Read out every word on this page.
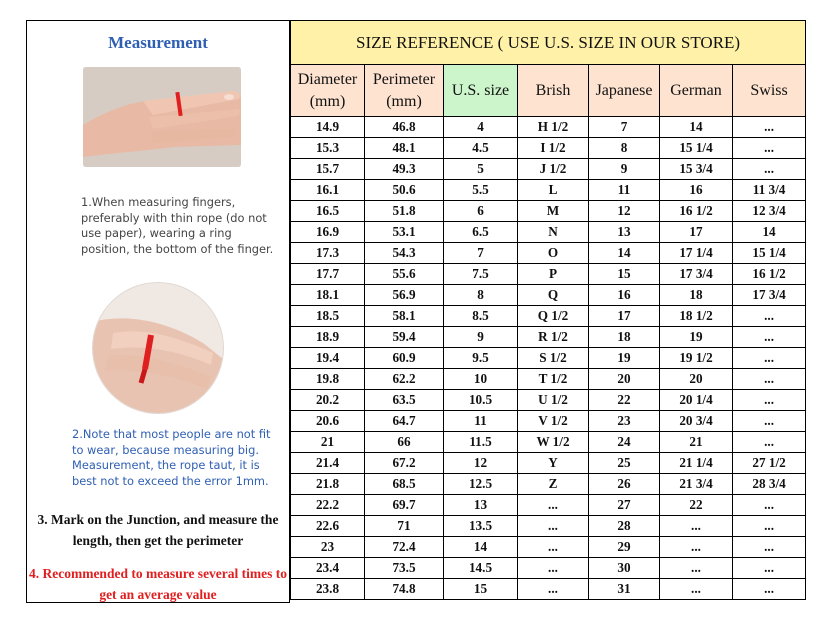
Measurement
1.When measuring fingers, preferably with thin rope (do not use paper), wearing a ring position, the bottom of the finger.
2.Note that most people are not fit to wear, because measuring big. Measurement, the rope taut, it is best not to exceed the error 1mm.
3. Mark on the Junction, and measure the length, then get the perimeter
4. Recommended to measure several times to get an average value
SIZE REFERENCE ( USE U.S. SIZE IN OUR STORE)						
Diameter
(mm)	Perimeter
(mm)	U.S. size	Brish	Japanese	German	Swiss
14.9	46.8	4	H 1/2	7	14	...
15.3	48.1	4.5	I 1/2	8	15 1/4	...
15.7	49.3	5	J 1/2	9	15 3/4	...
16.1	50.6	5.5	L	11	16	11 3/4
16.5	51.8	6	M	12	16 1/2	12 3/4
16.9	53.1	6.5	N	13	17	14
17.3	54.3	7	O	14	17 1/4	15 1/4
17.7	55.6	7.5	P	15	17 3/4	16 1/2
18.1	56.9	8	Q	16	18	17 3/4
18.5	58.1	8.5	Q 1/2	17	18 1/2	...
18.9	59.4	9	R 1/2	18	19	...
19.4	60.9	9.5	S 1/2	19	19 1/2	...
19.8	62.2	10	T 1/2	20	20	...
20.2	63.5	10.5	U 1/2	22	20 1/4	...
20.6	64.7	11	V 1/2	23	20 3/4	...
21	66	11.5	W 1/2	24	21	...
21.4	67.2	12	Y	25	21 1/4	27 1/2
21.8	68.5	12.5	Z	26	21 3/4	28 3/4
22.2	69.7	13	...	27	22	...
22.6	71	13.5	...	28	...	...
23	72.4	14	...	29	...	...
23.4	73.5	14.5	...	30	...	...
23.8	74.8	15	...	31	...	...
